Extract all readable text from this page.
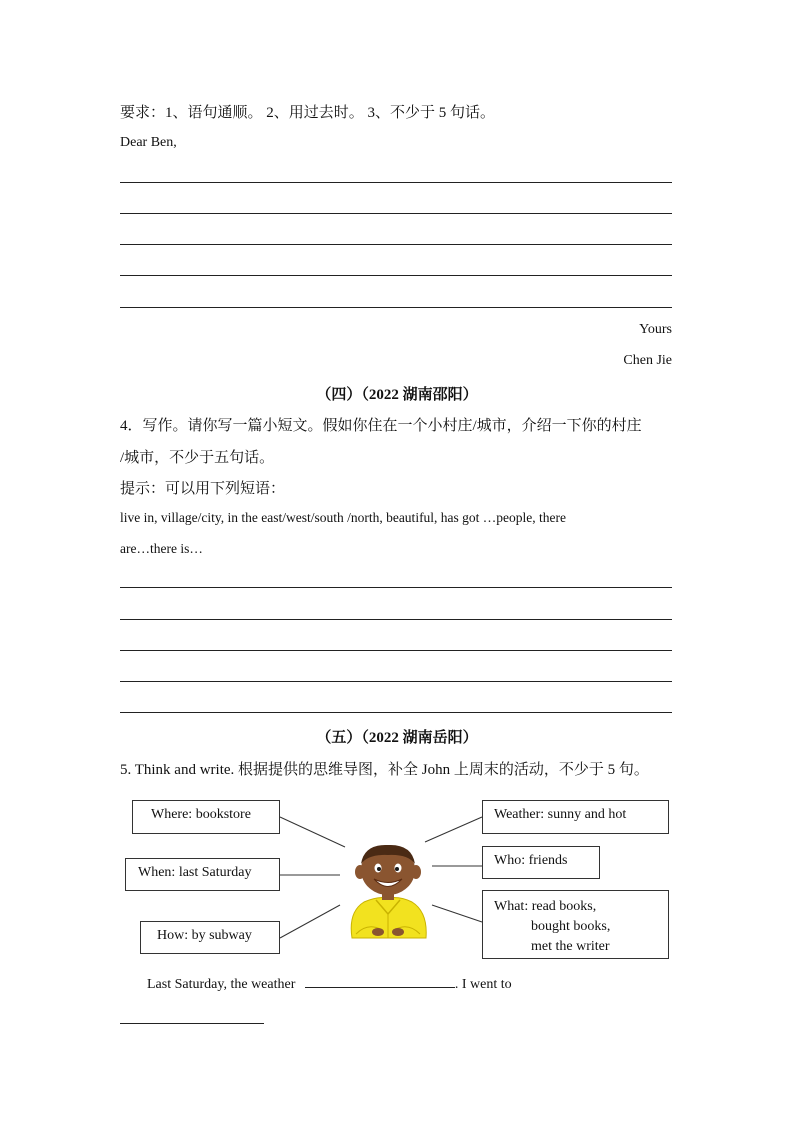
要求：1、语句通顺。 2、用过去时。 3、不少于 5 句话。
Dear Ben,
Yours
Chen Jie
（四）（2022 湖南邵阳）
4．写作。请你写一篇小短文。假如你住在一个小村庄/城市，介绍一下你的村庄
/城市，不少于五句话。
提示：可以用下列短语：
live in, village/city, in the east/west/south /north, beautiful, has got …people, there
are…there is…
（五）（2022 湖南岳阳）
5. Think and write. 根据提供的思维导图，补全 John 上周末的活动，不少于 5 句。
Where: bookstore
When: last Saturday
How: by subway
Weather: sunny and hot
Who: friends
What: read books,
bought books,
met the writer
Last Saturday, the weather	. I went to
